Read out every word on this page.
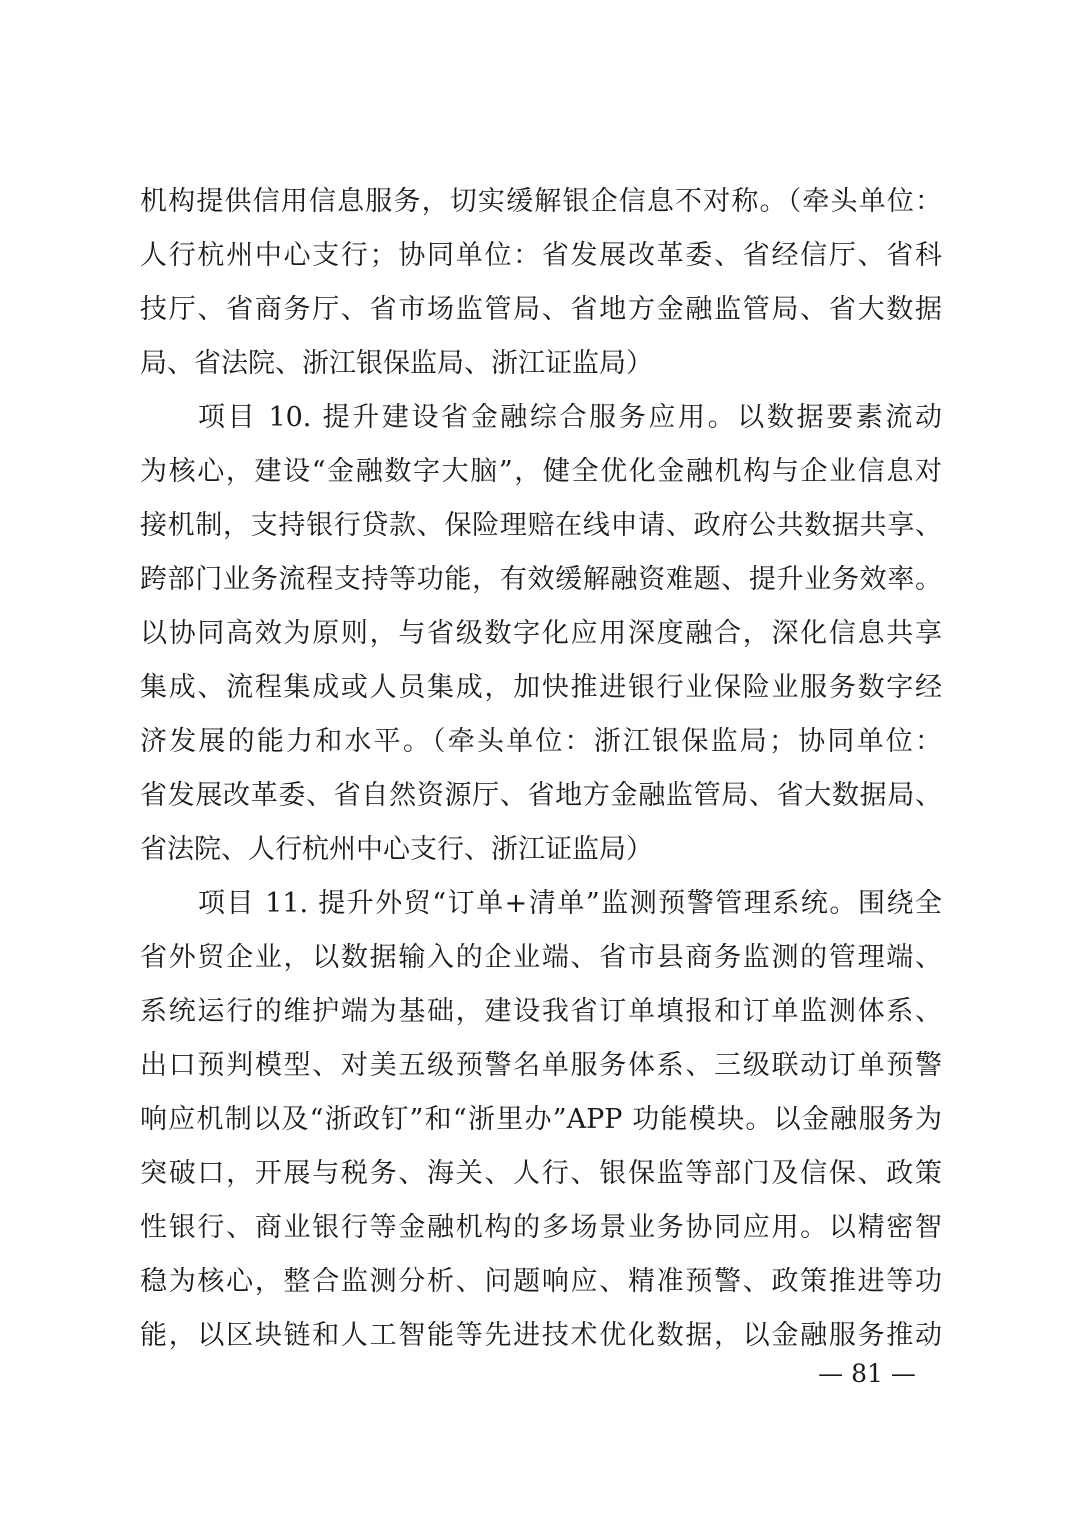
机构提供信用信息服务，切实缓解银企信息不对称。（牵头单位：
人行杭州中心支行；协同单位：省发展改革委、省经信厅、省科
技厅、省商务厅、省市场监管局、省地方金融监管局、省大数据
局、省法院、浙江银保监局、浙江证监局）
项目 10. 提升建设省金融综合服务应用。以数据要素流动
为核心，建设“金融数字大脑”，健全优化金融机构与企业信息对
接机制，支持银行贷款、保险理赔在线申请、政府公共数据共享、
跨部门业务流程支持等功能，有效缓解融资难题、提升业务效率。
以协同高效为原则，与省级数字化应用深度融合，深化信息共享
集成、流程集成或人员集成，加快推进银行业保险业服务数字经
济发展的能力和水平。（牵头单位：浙江银保监局；协同单位：
省发展改革委、省自然资源厅、省地方金融监管局、省大数据局、
省法院、人行杭州中心支行、浙江证监局）
项目 11. 提升外贸“订单+清单”监测预警管理系统。围绕全
省外贸企业，以数据输入的企业端、省市县商务监测的管理端、
系统运行的维护端为基础，建设我省订单填报和订单监测体系、
出口预判模型、对美五级预警名单服务体系、三级联动订单预警
响应机制以及“浙政钉”和“浙里办”APP 功能模块。以金融服务为
突破口，开展与税务、海关、人行、银保监等部门及信保、政策
性银行、商业银行等金融机构的多场景业务协同应用。以精密智
稳为核心，整合监测分析、问题响应、精准预警、政策推进等功
能，以区块链和人工智能等先进技术优化数据，以金融服务推动
— 81 —
